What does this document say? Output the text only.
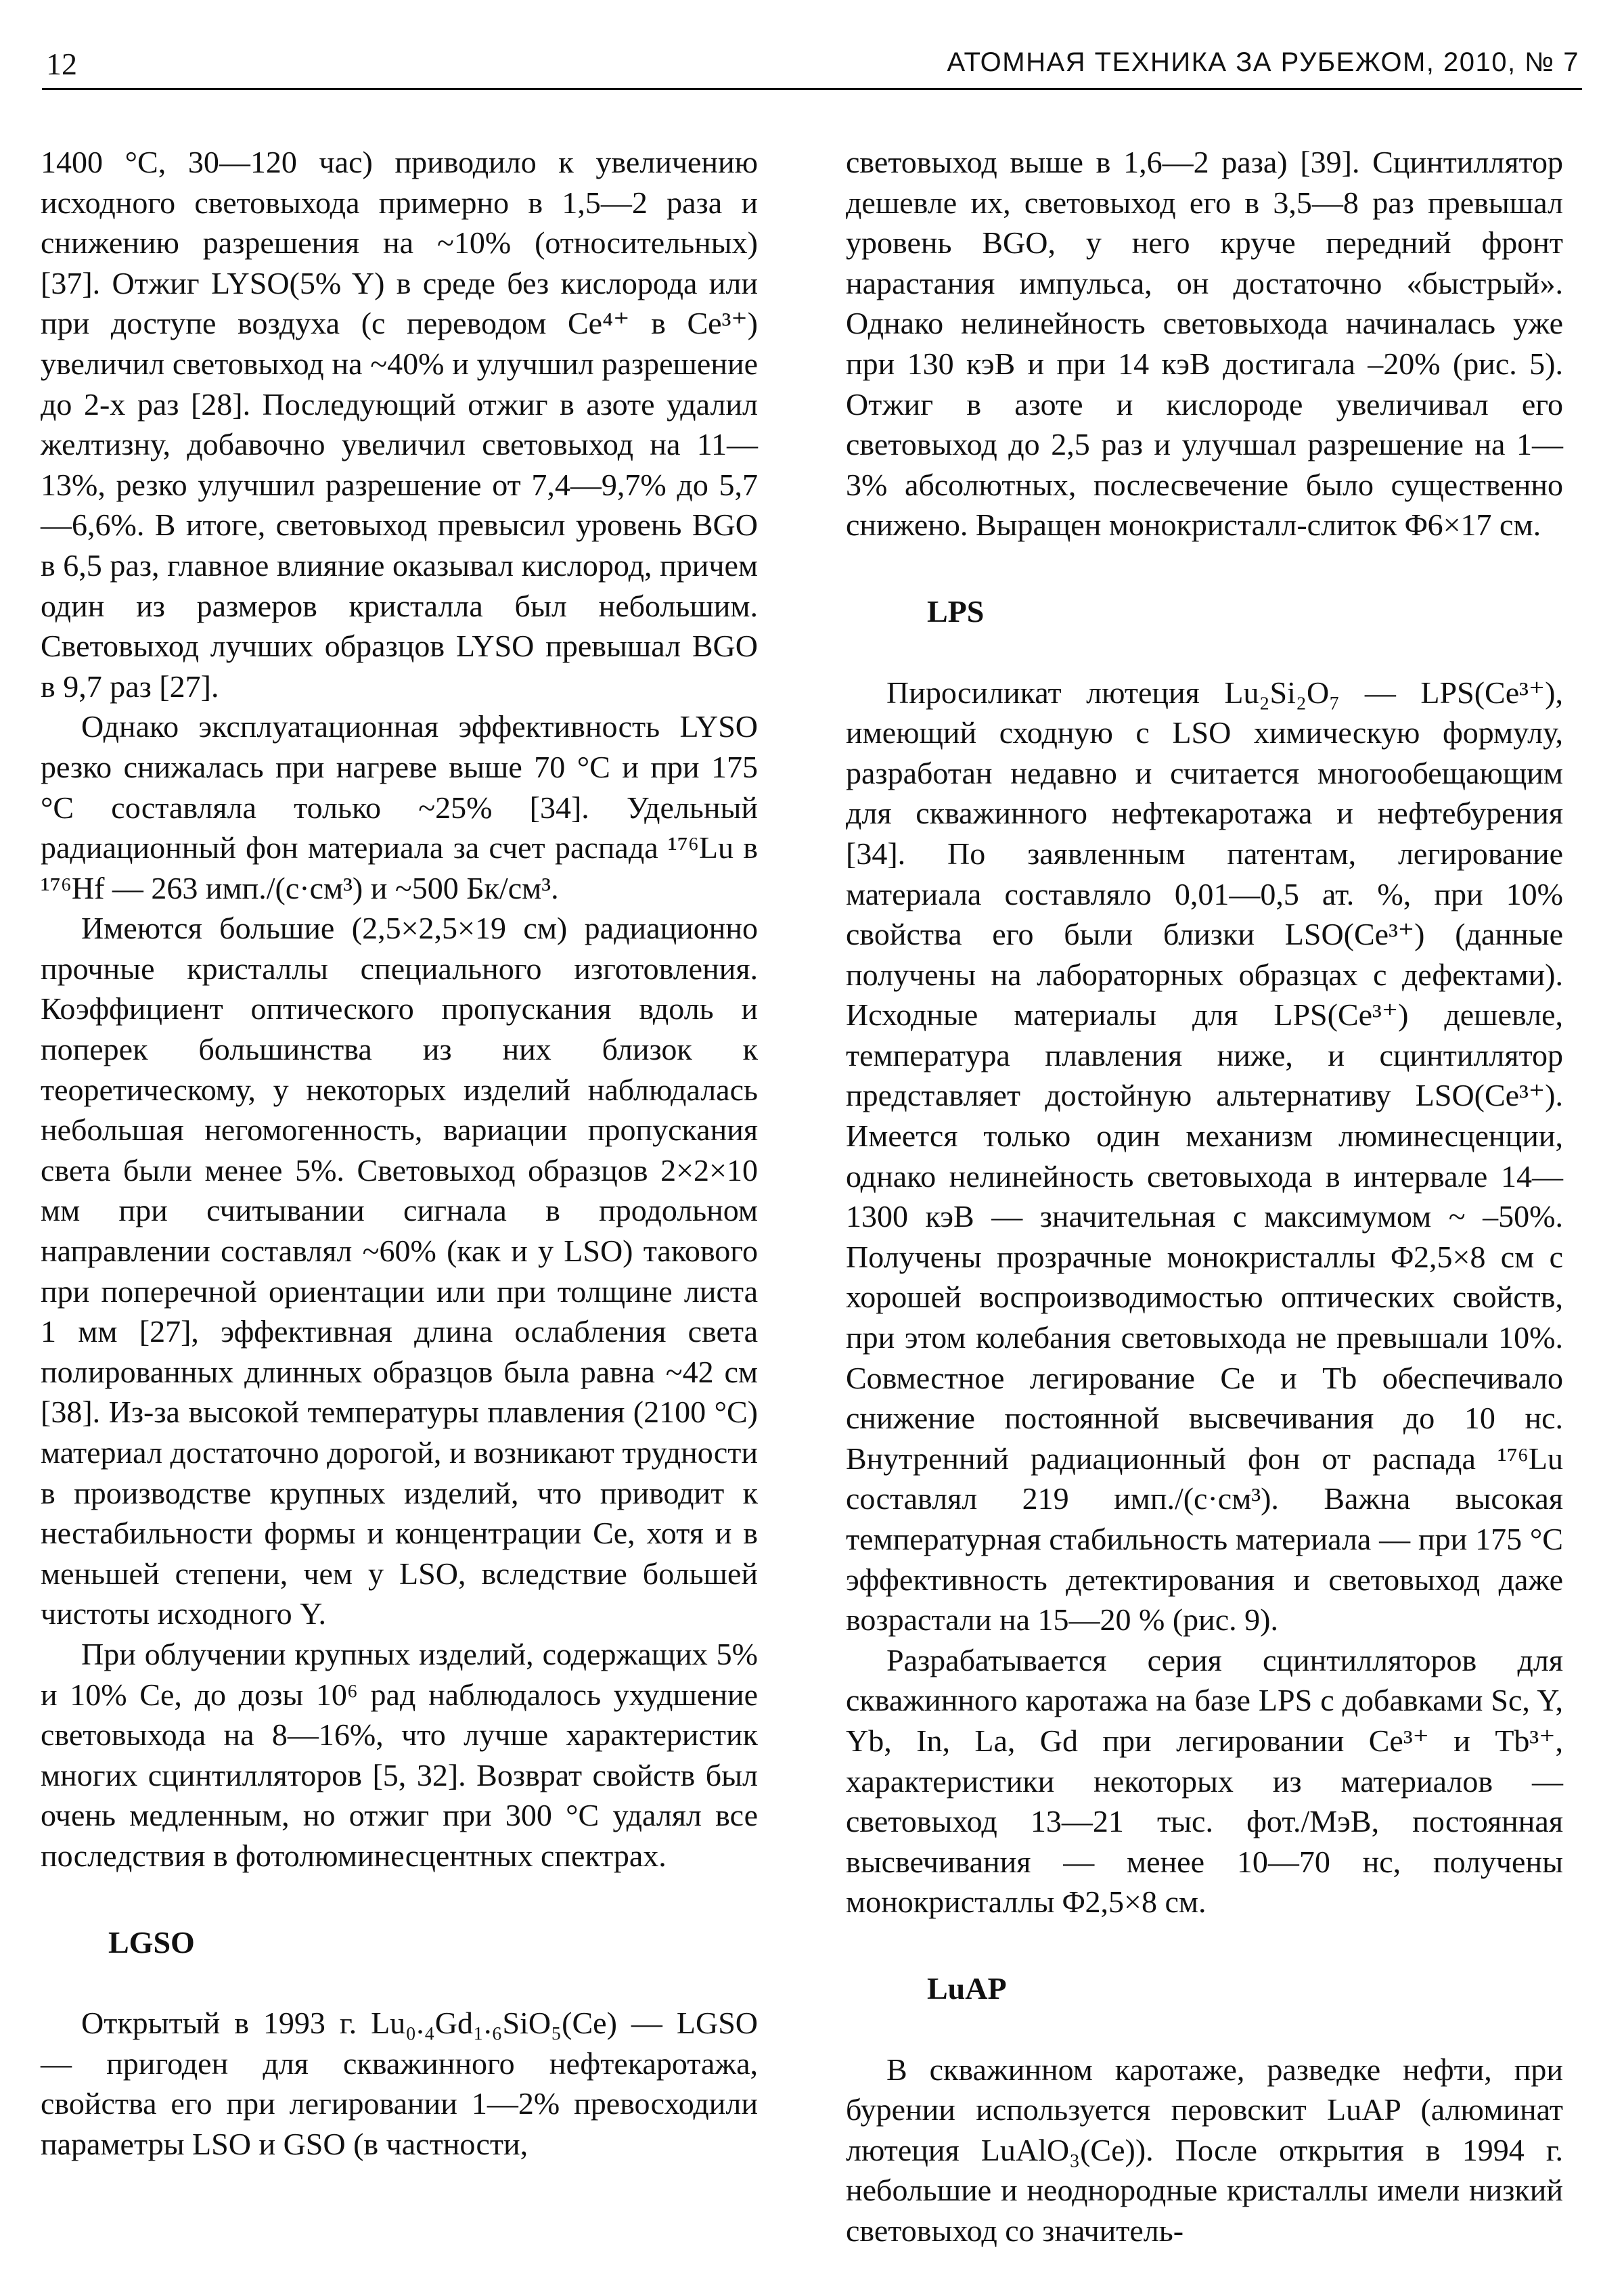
12	АТОМНАЯ ТЕХНИКА ЗА РУБЕЖОМ, 2010, № 7

1400 °C, 30—120 час) приводило к увеличению исходного световыхода примерно в 1,5—2 раза и снижению разрешения на ~10% (относительных) [37]. Отжиг LYSO(5% Y) в среде без кислорода или при доступе воздуха (с переводом Ce⁴⁺ в Ce³⁺) увеличил световыход на ~40% и улучшил разрешение до 2-х раз [28]. Последующий отжиг в азоте удалил желтизну, добавочно увеличил световыход на 11—13%, резко улучшил разрешение от 7,4—9,7% до 5,7—6,6%. В итоге, световыход превысил уровень BGO в 6,5 раз, главное влияние оказывал кислород, причем один из размеров кристалла был небольшим. Световыход лучших образцов LYSO превышал BGO в 9,7 раз [27].

Однако эксплуатационная эффективность LYSO резко снижалась при нагреве выше 70 °C и при 175 °C составляла только ~25% [34]. Удельный радиационный фон материала за счет распада ¹⁷⁶Lu в ¹⁷⁶Hf — 263 имп./(с·см³) и ~500 Бк/см³.

Имеются большие (2,5×2,5×19 см) радиационно прочные кристаллы специального изготовления. Коэффициент оптического пропускания вдоль и поперек большинства из них близок к теоретическому, у некоторых изделий наблюдалась небольшая негомогенность, вариации пропускания света были менее 5%. Световыход образцов 2×2×10 мм при считывании сигнала в продольном направлении составлял ~60% (как и у LSO) такового при поперечной ориентации или при толщине листа 1 мм [27], эффективная длина ослабления света полированных длинных образцов была равна ~42 см [38]. Из-за высокой температуры плавления (2100 °C) материал достаточно дорогой, и возникают трудности в производстве крупных изделий, что приводит к нестабильности формы и концентрации Ce, хотя и в меньшей степени, чем у LSO, вследствие большей чистоты исходного Y.

При облучении крупных изделий, содержащих 5% и 10% Ce, до дозы 10⁶ рад наблюдалось ухудшение световыхода на 8—16%, что лучше характеристик многих сцинтилляторов [5, 32]. Возврат свойств был очень медленным, но отжиг при 300 °C удалял все последствия в фотолюминесцентных спектрах.

LGSO

Открытый в 1993 г. Lu₀.₄Gd₁.₆SiO₅(Ce) — LGSO — пригоден для скважинного нефтекаротажа, свойства его при легировании 1—2% превосходили параметры LSO и GSO (в частности,

световыход выше в 1,6—2 раза) [39]. Сцинтиллятор дешевле их, световыход его в 3,5—8 раз превышал уровень BGO, у него круче передний фронт нарастания импульса, он достаточно «быстрый». Однако нелинейность световыхода начиналась уже при 130 кэВ и при 14 кэВ достигала –20% (рис. 5). Отжиг в азоте и кислороде увеличивал его световыход до 2,5 раз и улучшал разрешение на 1—3% абсолютных, послесвечение было существенно снижено. Выращен монокристалл-слиток Φ6×17 см.

LPS

Пиросиликат лютеция Lu₂Si₂O₇ — LPS(Ce³⁺), имеющий сходную с LSO химическую формулу, разработан недавно и считается многообещающим для скважинного нефтекаротажа и нефтебурения [34]. По заявленным патентам, легирование материала составляло 0,01—0,5 ат. %, при 10% свойства его были близки LSO(Ce³⁺) (данные получены на лабораторных образцах с дефектами). Исходные материалы для LPS(Ce³⁺) дешевле, температура плавления ниже, и сцинтиллятор представляет достойную альтернативу LSO(Ce³⁺). Имеется только один механизм люминесценции, однако нелинейность световыхода в интервале 14—1300 кэВ — значительная с максимумом ~ –50%. Получены прозрачные монокристаллы Φ2,5×8 см с хорошей воспроизводимостью оптических свойств, при этом колебания световыхода не превышали 10%. Совместное легирование Ce и Tb обеспечивало снижение постоянной высвечивания до 10 нс. Внутренний радиационный фон от распада ¹⁷⁶Lu составлял 219 имп./(с·см³). Важна высокая температурная стабильность материала — при 175 °C эффективность детектирования и световыход даже возрастали на 15—20 % (рис. 9).

Разрабатывается серия сцинтилляторов для скважинного каротажа на базе LPS с добавками Sc, Y, Yb, In, La, Gd при легировании Ce³⁺ и Tb³⁺, характеристики некоторых из материалов — световыход 13—21 тыс. фот./МэВ, постоянная высвечивания — менее 10—70 нс, получены монокристаллы Φ2,5×8 см.

LuAP

В скважинном каротаже, разведке нефти, при бурении используется перовскит LuAP (алюминат лютеция LuAlO₃(Ce)). После открытия в 1994 г. небольшие и неоднородные кристаллы имели низкий световыход со значитель-
